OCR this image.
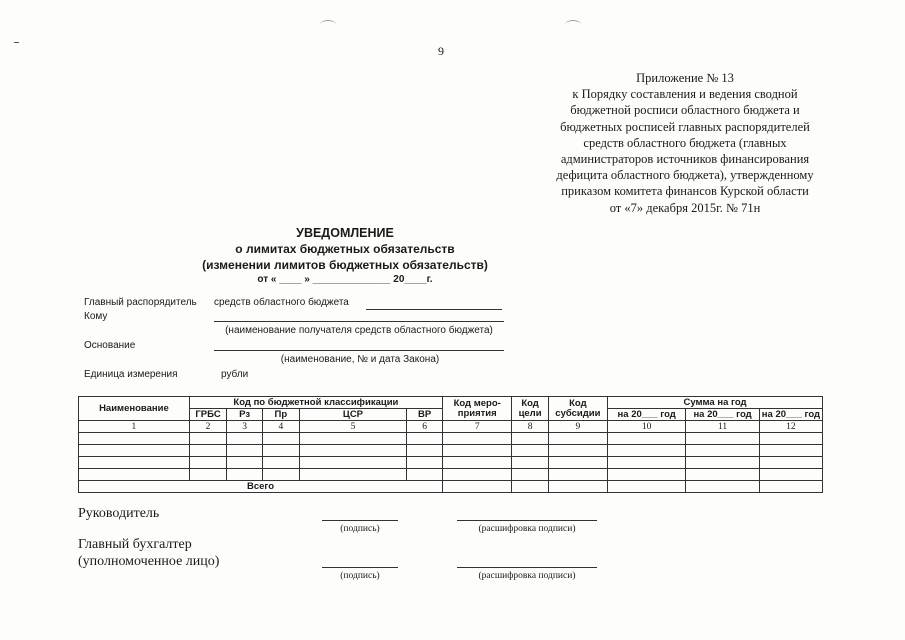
9
Приложение № 13
к Порядку составления и ведения сводной
бюджетной росписи областного бюджета и
бюджетных росписей главных распорядителей
средств областного бюджета (главных
администраторов источников финансирования
дефицита областного бюджета), утвержденному
приказом комитета финансов Курской области
от «7» декабря 2015г. № 71н
УВЕДОМЛЕНИЕ
о лимитах бюджетных обязательств
(изменении лимитов бюджетных обязательств)
от « ____ » ______________ 20____г.
Главный распорядитель средств областного бюджета
Кому
(наименование получателя средств областного бюджета)
Основание
(наименование, № и дата Закона)
Единица измерения	рубли
Наименование	Код по бюджетной классификации					Код меро-приятия	Код цели	Код субсидии	Сумма на год		
	ГРБС	Рз	Пр	ЦСР	ВР				на 20___ год	на 20___ год	на 20___ год
1	2	3	4	5	6	7	8	9	10	11	12

Всего											
Руководитель
(подпись)	(расшифровка подписи)
Главный бухгалтер
(уполномоченное лицо)
(подпись)	(расшифровка подписи)
